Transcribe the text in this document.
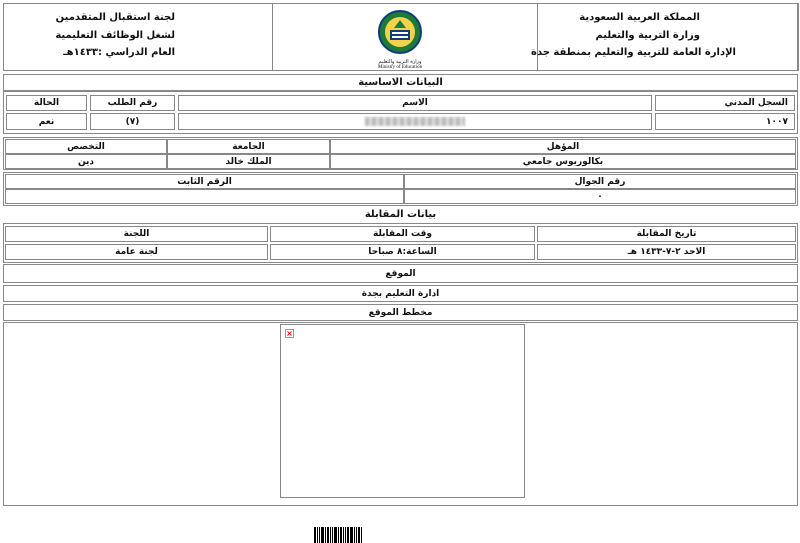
المملكة العربية السعودية
وزارة التربية والتعليم
الإدارة العامة للتربية والتعليم بمنطقة جدة
لجنة استقبال المتقدمين
لشغل الوظائف التعليمية
العام الدراسي :١٤٣٣هـ
وزارة التربية والتعليم
Ministry of Education
البيانات الاساسية
السجل المدني
الاسم
رقم الطلب
الحالة
١٠٠٧
(٧)
نعم
المؤهل
الجامعة
التخصص
بكالوريوس جامعي
الملك خالد
دين
رقم الجوال
الرقم الثابت
٠
بيانات المقابلة
تاريخ المقابلة
وقت المقابلة
اللجنة
الاحد ٢-٧-١٤٣٣ هـ
الساعة:٨ صباحا
لجنة عامة
الموقع
ادارة التعليم بجدة
مخطط الموقع
×
